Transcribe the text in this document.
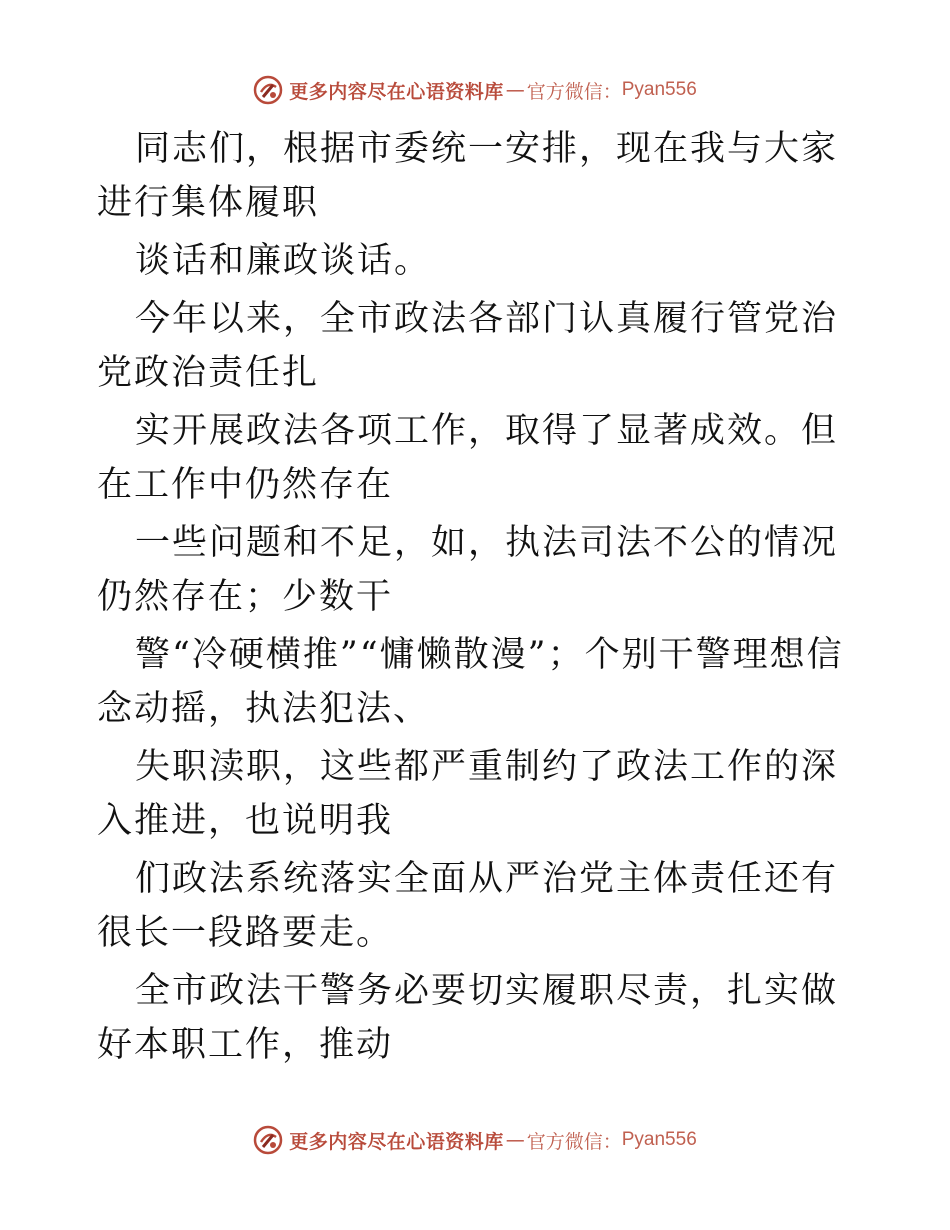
更多内容尽在心语资料库 — 官方微信： Pyan556

同志们，根据市委统一安排，现在我与大家进行集体履职

谈话和廉政谈话。

今年以来，全市政法各部门认真履行管党治党政治责任扎

实开展政法各项工作，取得了显著成效。但在工作中仍然存在

一些问题和不足，如，执法司法不公的情况仍然存在；少数干

警“冷硬横推”“慵懒散漫”；个别干警理想信念动摇，执法犯法、

失职渎职，这些都严重制约了政法工作的深入推进，也说明我

们政法系统落实全面从严治党主体责任还有很长一段路要走。

全市政法干警务必要切实履职尽责，扎实做好本职工作，推动

更多内容尽在心语资料库 — 官方微信： Pyan556
